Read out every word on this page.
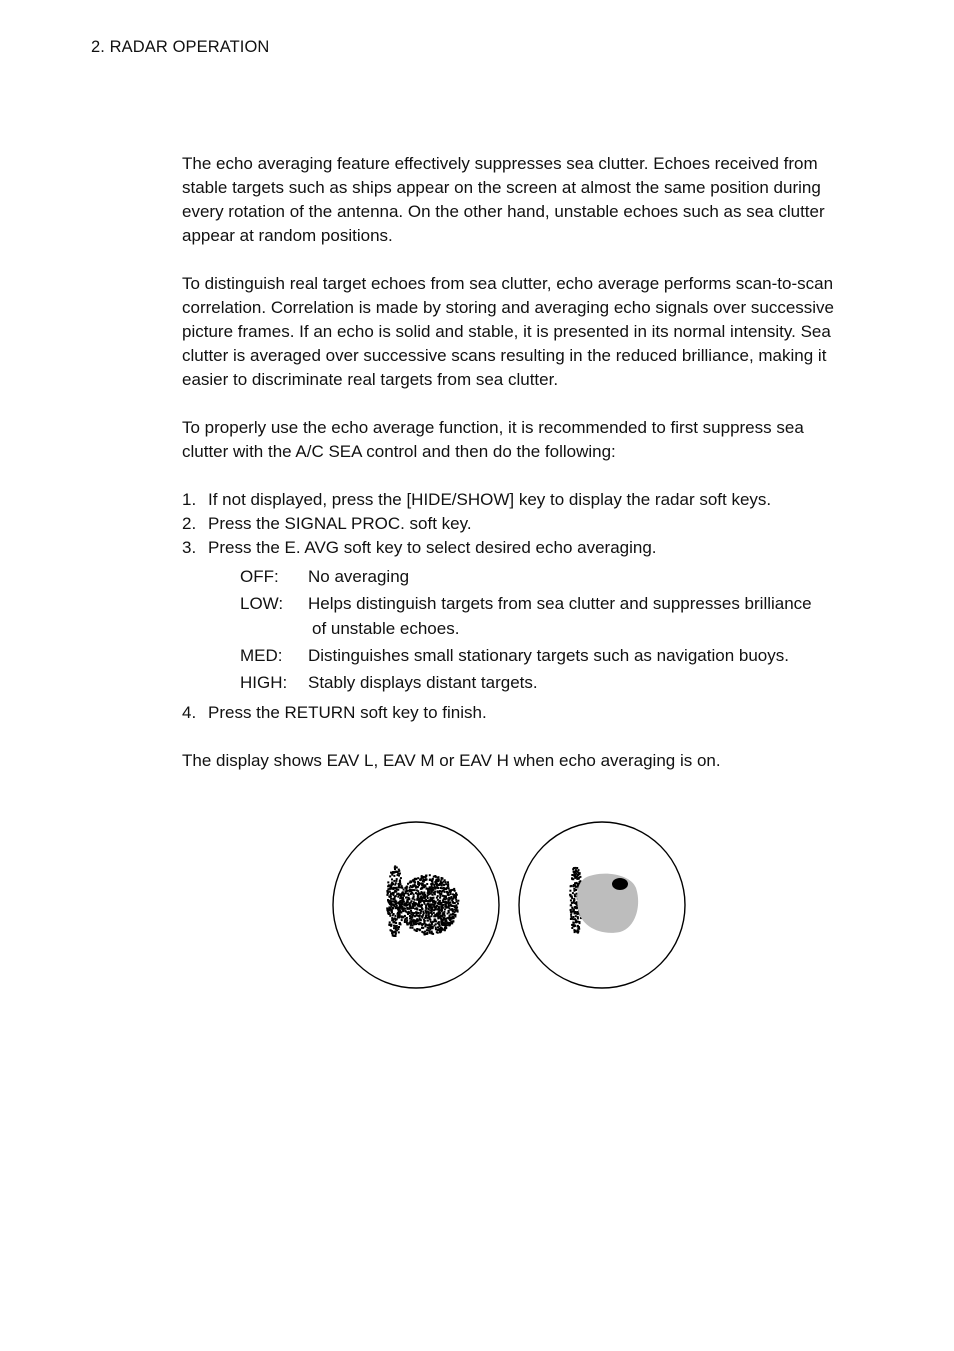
2. RADAR OPERATION

The echo averaging feature effectively suppresses sea clutter. Echoes received from stable targets such as ships appear on the screen at almost the same position during every rotation of the antenna. On the other hand, unstable echoes such as sea clutter appear at random positions.

To distinguish real target echoes from sea clutter, echo average performs scan-to-scan correlation. Correlation is made by storing and averaging echo signals over successive picture frames. If an echo is solid and stable, it is presented in its normal intensity. Sea clutter is averaged over successive scans resulting in the reduced brilliance, making it easier to discriminate real targets from sea clutter.

To properly use the echo average function, it is recommended to first suppress sea clutter with the A/C SEA control and then do the following:

1. If not displayed, press the [HIDE/SHOW] key to display the radar soft keys.
2. Press the SIGNAL PROC. soft key.
3. Press the E. AVG soft key to select desired echo averaging.
OFF:	No averaging
LOW:	Helps distinguish targets from sea clutter and suppresses brilliance
of unstable echoes.
MED:	Distinguishes small stationary targets such as navigation buoys.
HIGH:	Stably displays distant targets.
4. Press the RETURN soft key to finish.

The display shows EAV L, EAV M or EAV H when echo averaging is on.
